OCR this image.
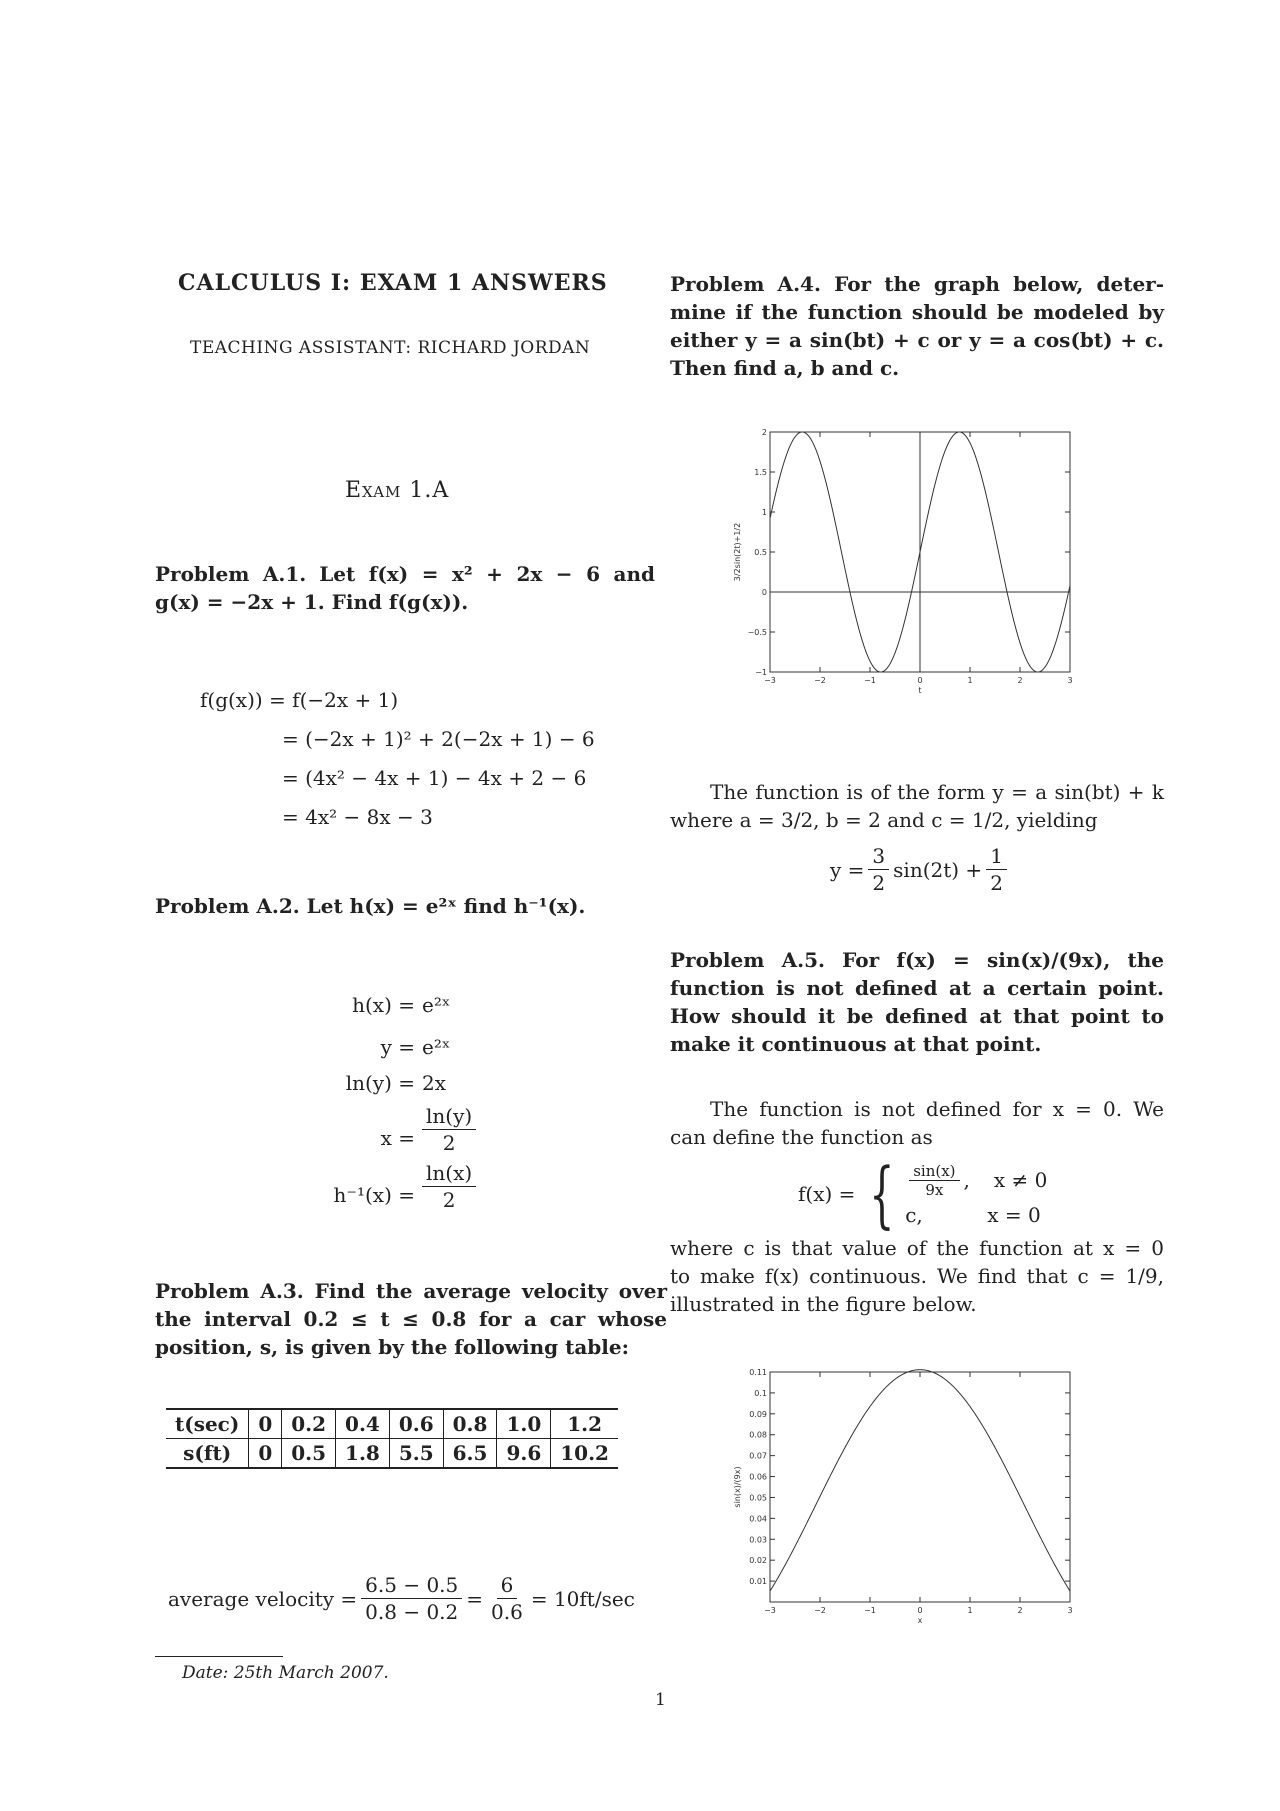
CALCULUS I: EXAM 1 ANSWERS
TEACHING ASSISTANT: RICHARD JORDAN
Exam 1.A
Problem A.1. Let f(x) = x² + 2x − 6 and
g(x) = −2x + 1. Find f(g(x)).
f(g(x)) = f(−2x + 1)
= (−2x + 1)² + 2(−2x + 1) − 6
= (4x² − 4x + 1) − 4x + 2 − 6
= 4x² − 8x − 3
Problem A.2. Let h(x) = e²ˣ find h⁻¹(x).
h(x) = e²ˣ
y = e²ˣ
ln(y) = 2x
$x = \frac{\ln(y)}{2}$
$h^{-1}(x) = \frac{\ln(x)}{2}$
Problem A.3. Find the average velocity over
the interval 0.2 ≤ t ≤ 0.8 for a car whose
position, s, is given by the following table:
t(sec)	0	0.2	0.4	0.6	0.8	1.0	1.2
s(ft)	0	0.5	1.8	5.5	6.5	9.6	10.2
average velocity = $\frac{6.5 - 0.5}{0.8 - 0.2} = \frac{6}{0.6} = 10ft/\sec$
Date: 25th March 2007.
1
Problem A.4. For the graph below, deter-
mine if the function should be modeled by
either y = a sin(bt) + c or y = a cos(bt) + c.
Then find a, b and c.
−3	−2	−1	0	1	2	3
−1
−0.5
0
0.5
1
1.5
2
t
3/2sin(2t)+1/2
The function is of the form y = a sin(bt) + k
where a = 3/2, b = 2 and c = 1/2, yielding
$y = \frac{3}{2} \sin(2t) + \frac{1}{2}$
Problem A.5. For f(x) = sin(x)/(9x), the
function is not defined at a certain point.
How should it be defined at that point to
make it continuous at that point.
The function is not defined for x = 0. We
can define the function as
f(x) = { $\frac{\sin(x)}{9x}$ , x ≠ 0
c,	x = 0
where c is that value of the function at x = 0
to make f(x) continuous. We find that c = 1/9,
illustrated in the figure below.
−3	−2	−1	0	1	2	3
0.01
0.02
0.03
0.04
0.05
0.06
0.07
0.08
0.09
0.1
0.11
x
sin(x)/(9x)
